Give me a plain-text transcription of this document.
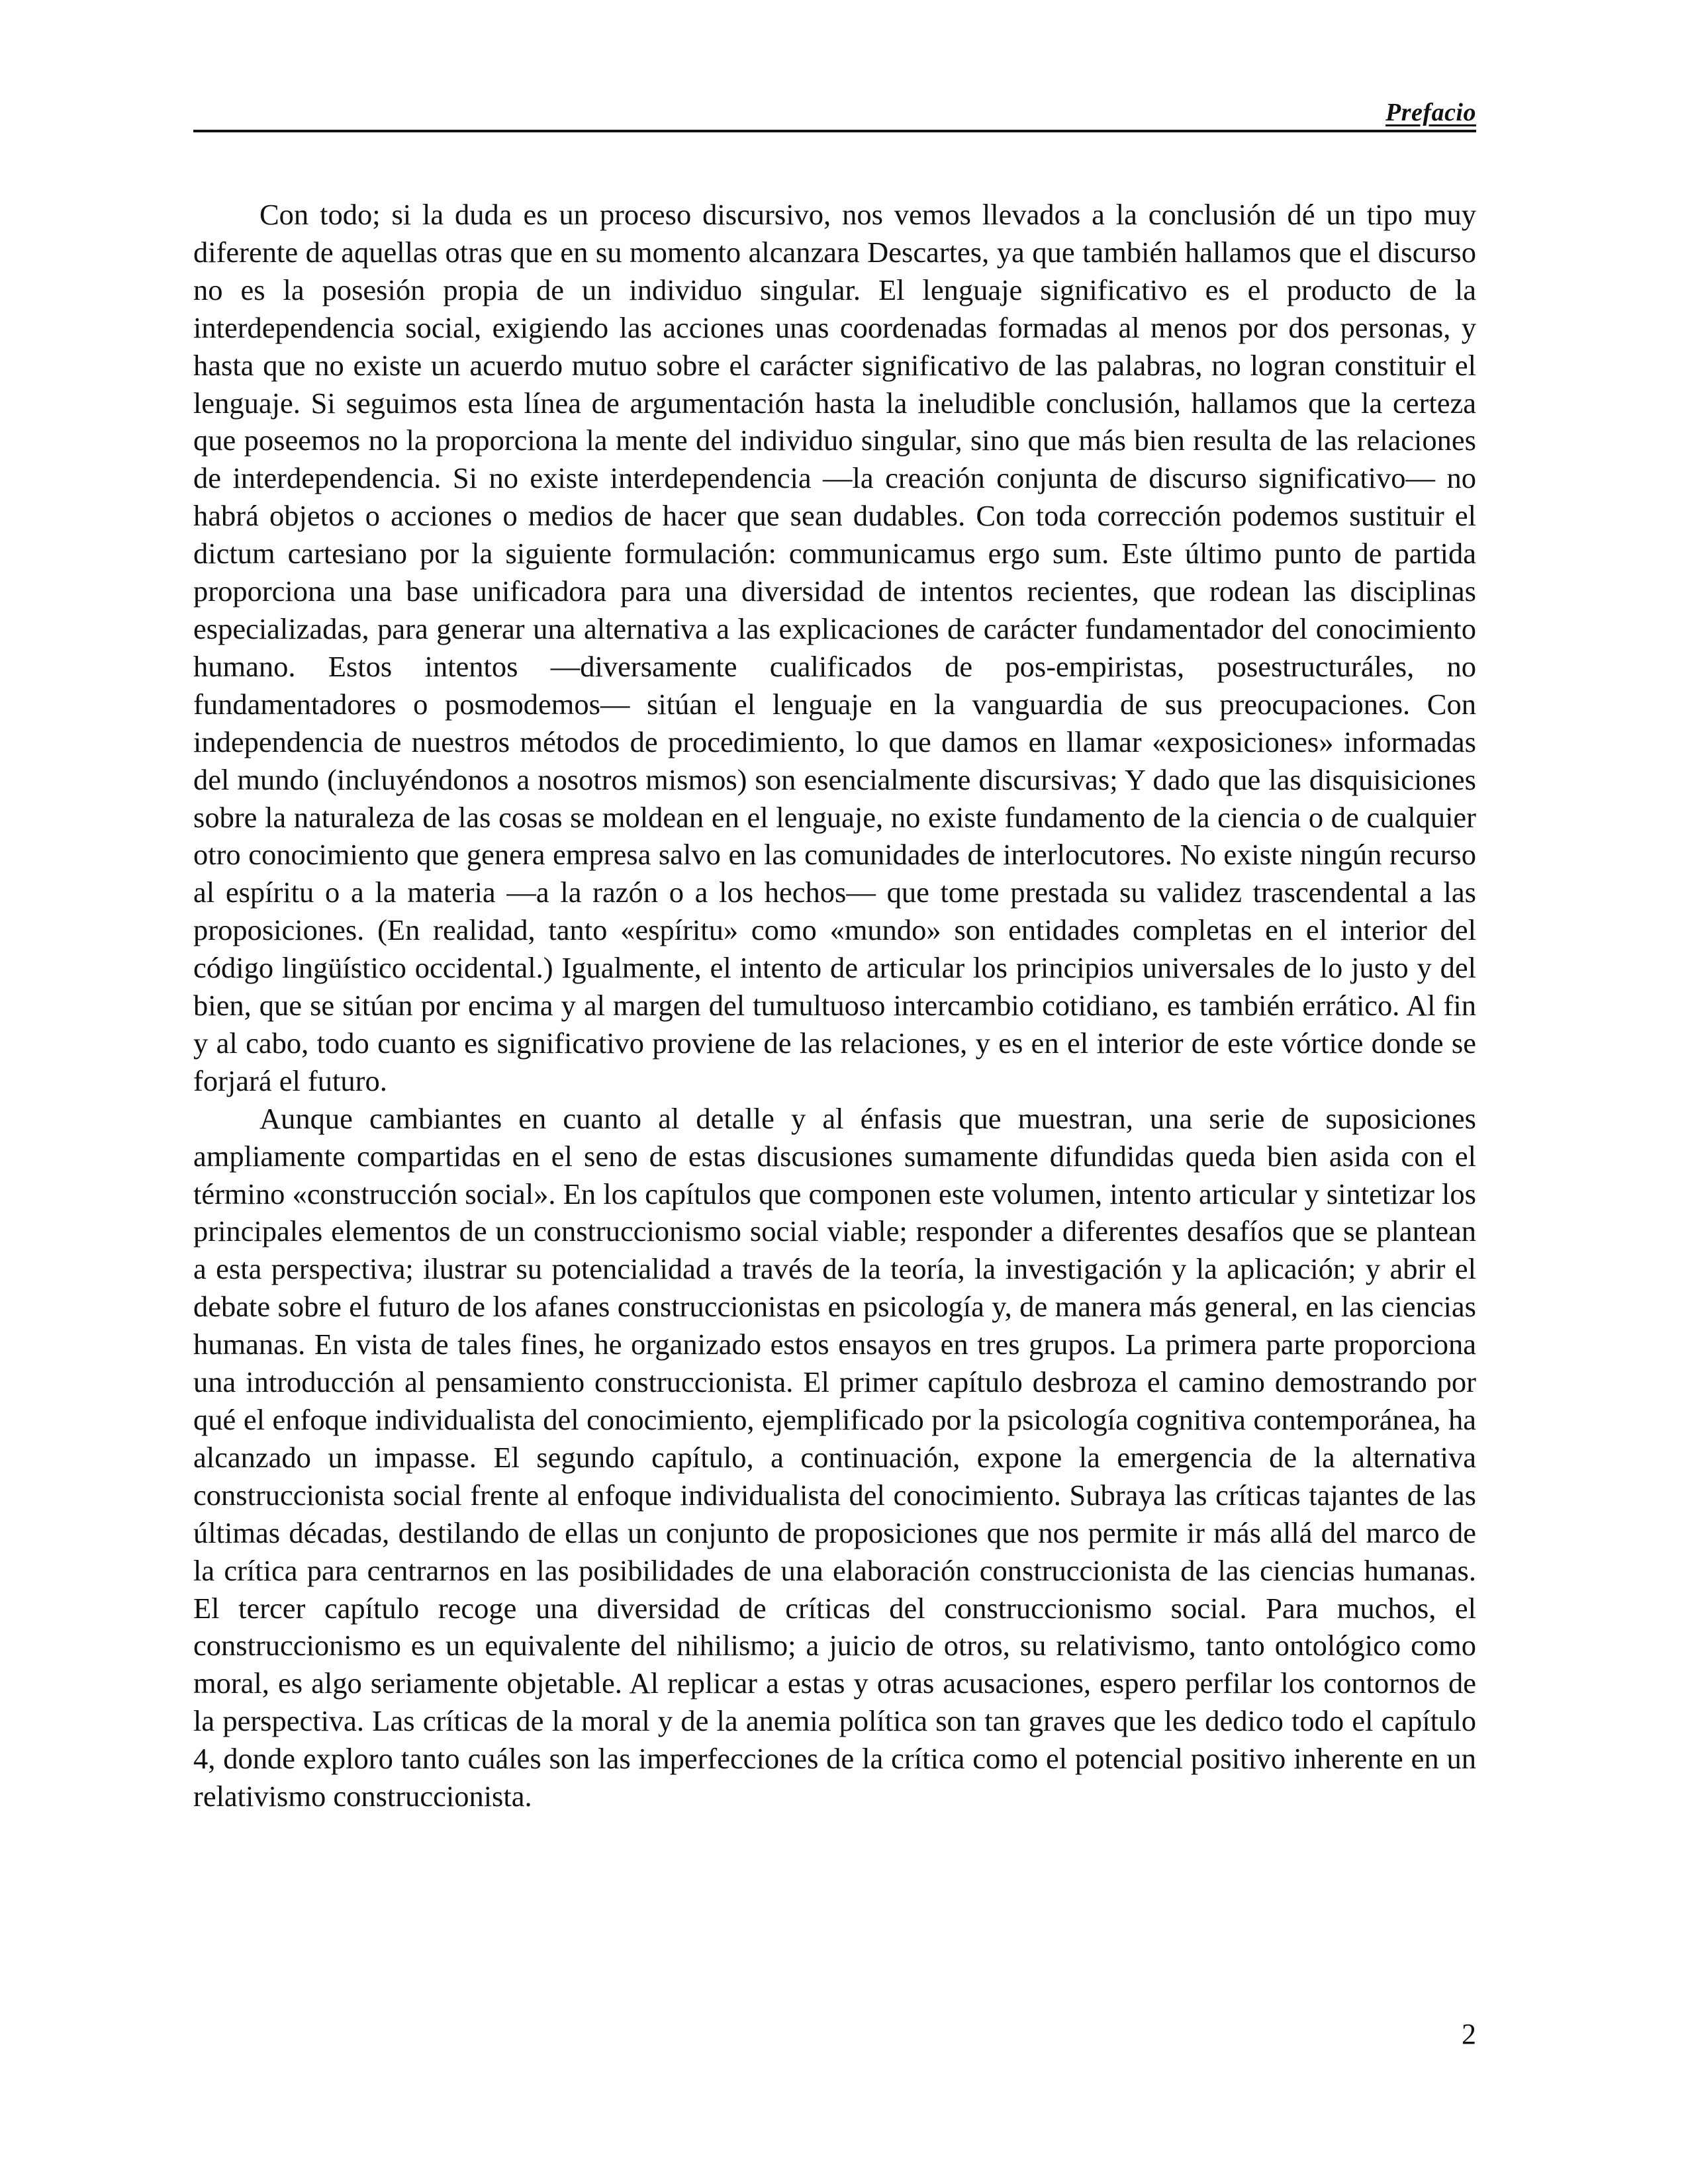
Prefacio

Con todo; si la duda es un proceso discursivo, nos vemos llevados a la conclusión dé un tipo muy diferente de aquellas otras que en su momento alcanzara Descartes, ya que también hallamos que el discurso no es la posesión propia de un individuo singular. El lenguaje significativo es el producto de la interdependencia social, exigiendo las acciones unas coordenadas formadas al menos por dos personas, y hasta que no existe un acuerdo mutuo sobre el carácter significativo de las palabras, no logran constituir el lenguaje. Si seguimos esta línea de argumentación hasta la ineludible conclusión, hallamos que la certeza que poseemos no la proporciona la mente del individuo singular, sino que más bien resulta de las relaciones de interdependencia. Si no existe interdependencia —la creación conjunta de discurso significativo— no habrá objetos o acciones o medios de hacer que sean dudables. Con toda corrección podemos sustituir el dictum cartesiano por la siguiente formulación: communicamus ergo sum. Este último punto de partida proporciona una base unificadora para una diversidad de intentos recientes, que rodean las disciplinas especializadas, para generar una alternativa a las explicaciones de carácter fundamentador del conocimiento humano. Estos intentos —diversamente cualificados de pos-empiristas, posestructuráles, no fundamentadores o posmodemos— sitúan el lenguaje en la vanguardia de sus preocupaciones. Con independencia de nuestros métodos de procedimiento, lo que damos en llamar «exposiciones» informadas del mundo (incluyéndonos a nosotros mismos) son esencialmente discursivas; Y dado que las disquisiciones sobre la naturaleza de las cosas se moldean en el lenguaje, no existe fundamento de la ciencia o de cualquier otro conocimiento que genera empresa salvo en las comunidades de interlocutores. No existe ningún recurso al espíritu o a la materia —a la razón o a los hechos— que tome prestada su validez trascendental a las proposiciones. (En realidad, tanto «espíritu» como «mundo» son entidades completas en el interior del código lingüístico occidental.) Igualmente, el intento de articular los principios universales de lo justo y del bien, que se sitúan por encima y al margen del tumultuoso intercambio cotidiano, es también errático. Al fin y al cabo, todo cuanto es significativo proviene de las relaciones, y es en el interior de este vórtice donde se forjará el futuro.

Aunque cambiantes en cuanto al detalle y al énfasis que muestran, una serie de suposiciones ampliamente compartidas en el seno de estas discusiones sumamente difundidas queda bien asida con el término «construcción social». En los capítulos que componen este volumen, intento articular y sintetizar los principales elementos de un construccionismo social viable; responder a diferentes desafíos que se plantean a esta perspectiva; ilustrar su potencialidad a través de la teoría, la investigación y la aplicación; y abrir el debate sobre el futuro de los afanes construccionistas en psicología y, de manera más general, en las ciencias humanas. En vista de tales fines, he organizado estos ensayos en tres grupos. La primera parte proporciona una introducción al pensamiento construccionista. El primer capítulo desbroza el camino demostrando por qué el enfoque individualista del conocimiento, ejemplificado por la psicología cognitiva contemporánea, ha alcanzado un impasse. El segundo capítulo, a continuación, expone la emergencia de la alternativa construccionista social frente al enfoque individualista del conocimiento. Subraya las críticas tajantes de las últimas décadas, destilando de ellas un conjunto de proposiciones que nos permite ir más allá del marco de la crítica para centrarnos en las posibilidades de una elaboración construccionista de las ciencias humanas. El tercer capítulo recoge una diversidad de críticas del construccionismo social. Para muchos, el construccionismo es un equivalente del nihilismo; a juicio de otros, su relativismo, tanto ontológico como moral, es algo seriamente objetable. Al replicar a estas y otras acusaciones, espero perfilar los contornos de la perspectiva. Las críticas de la moral y de la anemia política son tan graves que les dedico todo el capítulo 4, donde exploro tanto cuáles son las imperfecciones de la crítica como el potencial positivo inherente en un relativismo construccionista.

2
